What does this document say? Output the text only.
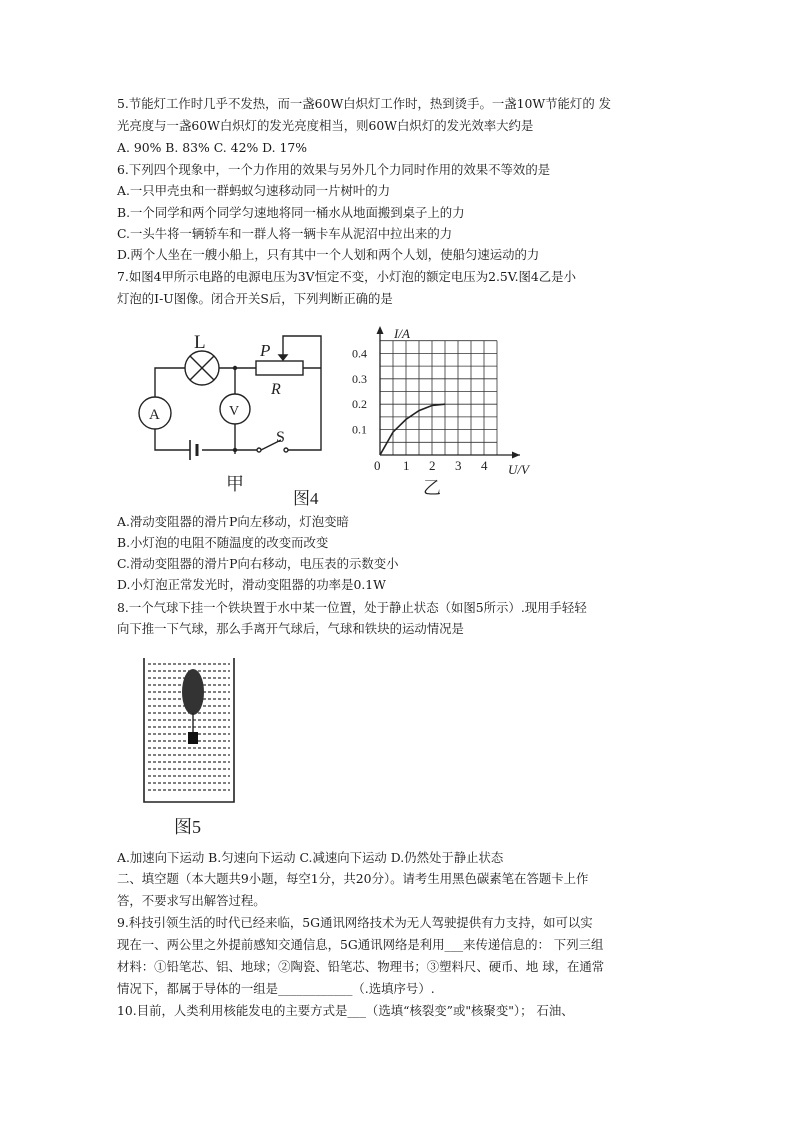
5.节能灯工作时几乎不发热，而一盏60W白炽灯工作时，热到烫手。一盏10W节能灯的 发
光亮度与一盏60W白炽灯的发光亮度相当，则60W白炽灯的发光效率大约是
A. 90% B. 83% C. 42% D. 17%
6.下列四个现象中，一个力作用的效果与另外几个力同时作用的效果不等效的是
A.一只甲壳虫和一群蚂蚁匀速移动同一片树叶的力
B.一个同学和两个同学匀速地将同一桶水从地面搬到桌子上的力
C.一头牛将一辆轿车和一群人将一辆卡车从泥沼中拉出来的力
D.两个人坐在一艘小船上，只有其中一个人划和两个人划，使船匀速运动的力
7.如图4甲所示电路的电源电压为3V恒定不变，小灯泡的额定电压为2.5V.图4乙是小
灯泡的I-U图像。闭合开关S后，下列判断正确的是
L
A	V
P
R
S
甲
图4
1 2 3 4
0.1
0.2
0.3
0.4
I/A
U/V
0
乙
A.滑动变阻器的滑片P向左移动，灯泡变暗
B.小灯泡的电阻不随温度的改变而改变
C.滑动变阻器的滑片P向右移动，电压表的示数变小
D.小灯泡正常发光时，滑动变阻器的功率是0.1W
8.一个气球下挂一个铁块置于水中某一位置，处于静止状态（如图5所示）.现用手轻轻
向下推一下气球，那么手离开气球后，气球和铁块的运动情况是
图5
A.加速向下运动 B.匀速向下运动 C.减速向下运动 D.仍然处于静止状态
二、填空题（本大题共9小题，每空1分，共20分）。请考生用黑色碳素笔在答题卡上作
答，不要求写出解答过程。
9.科技引领生活的时代已经来临，5G通讯网络技术为无人驾驶提供有力支持，如可以实
现在一、两公里之外提前感知交通信息，5G通讯网络是利用___来传递信息的： 下列三组
材料：①铅笔芯、铝、地球；②陶瓷、铅笔芯、物理书；③塑料尺、硬币、地 球，在通常
情况下，都属于导体的一组是____________（.选填序号）.
10.目前，人类利用核能发电的主要方式是___（选填“核裂变”或"核聚变"）； 石油、
